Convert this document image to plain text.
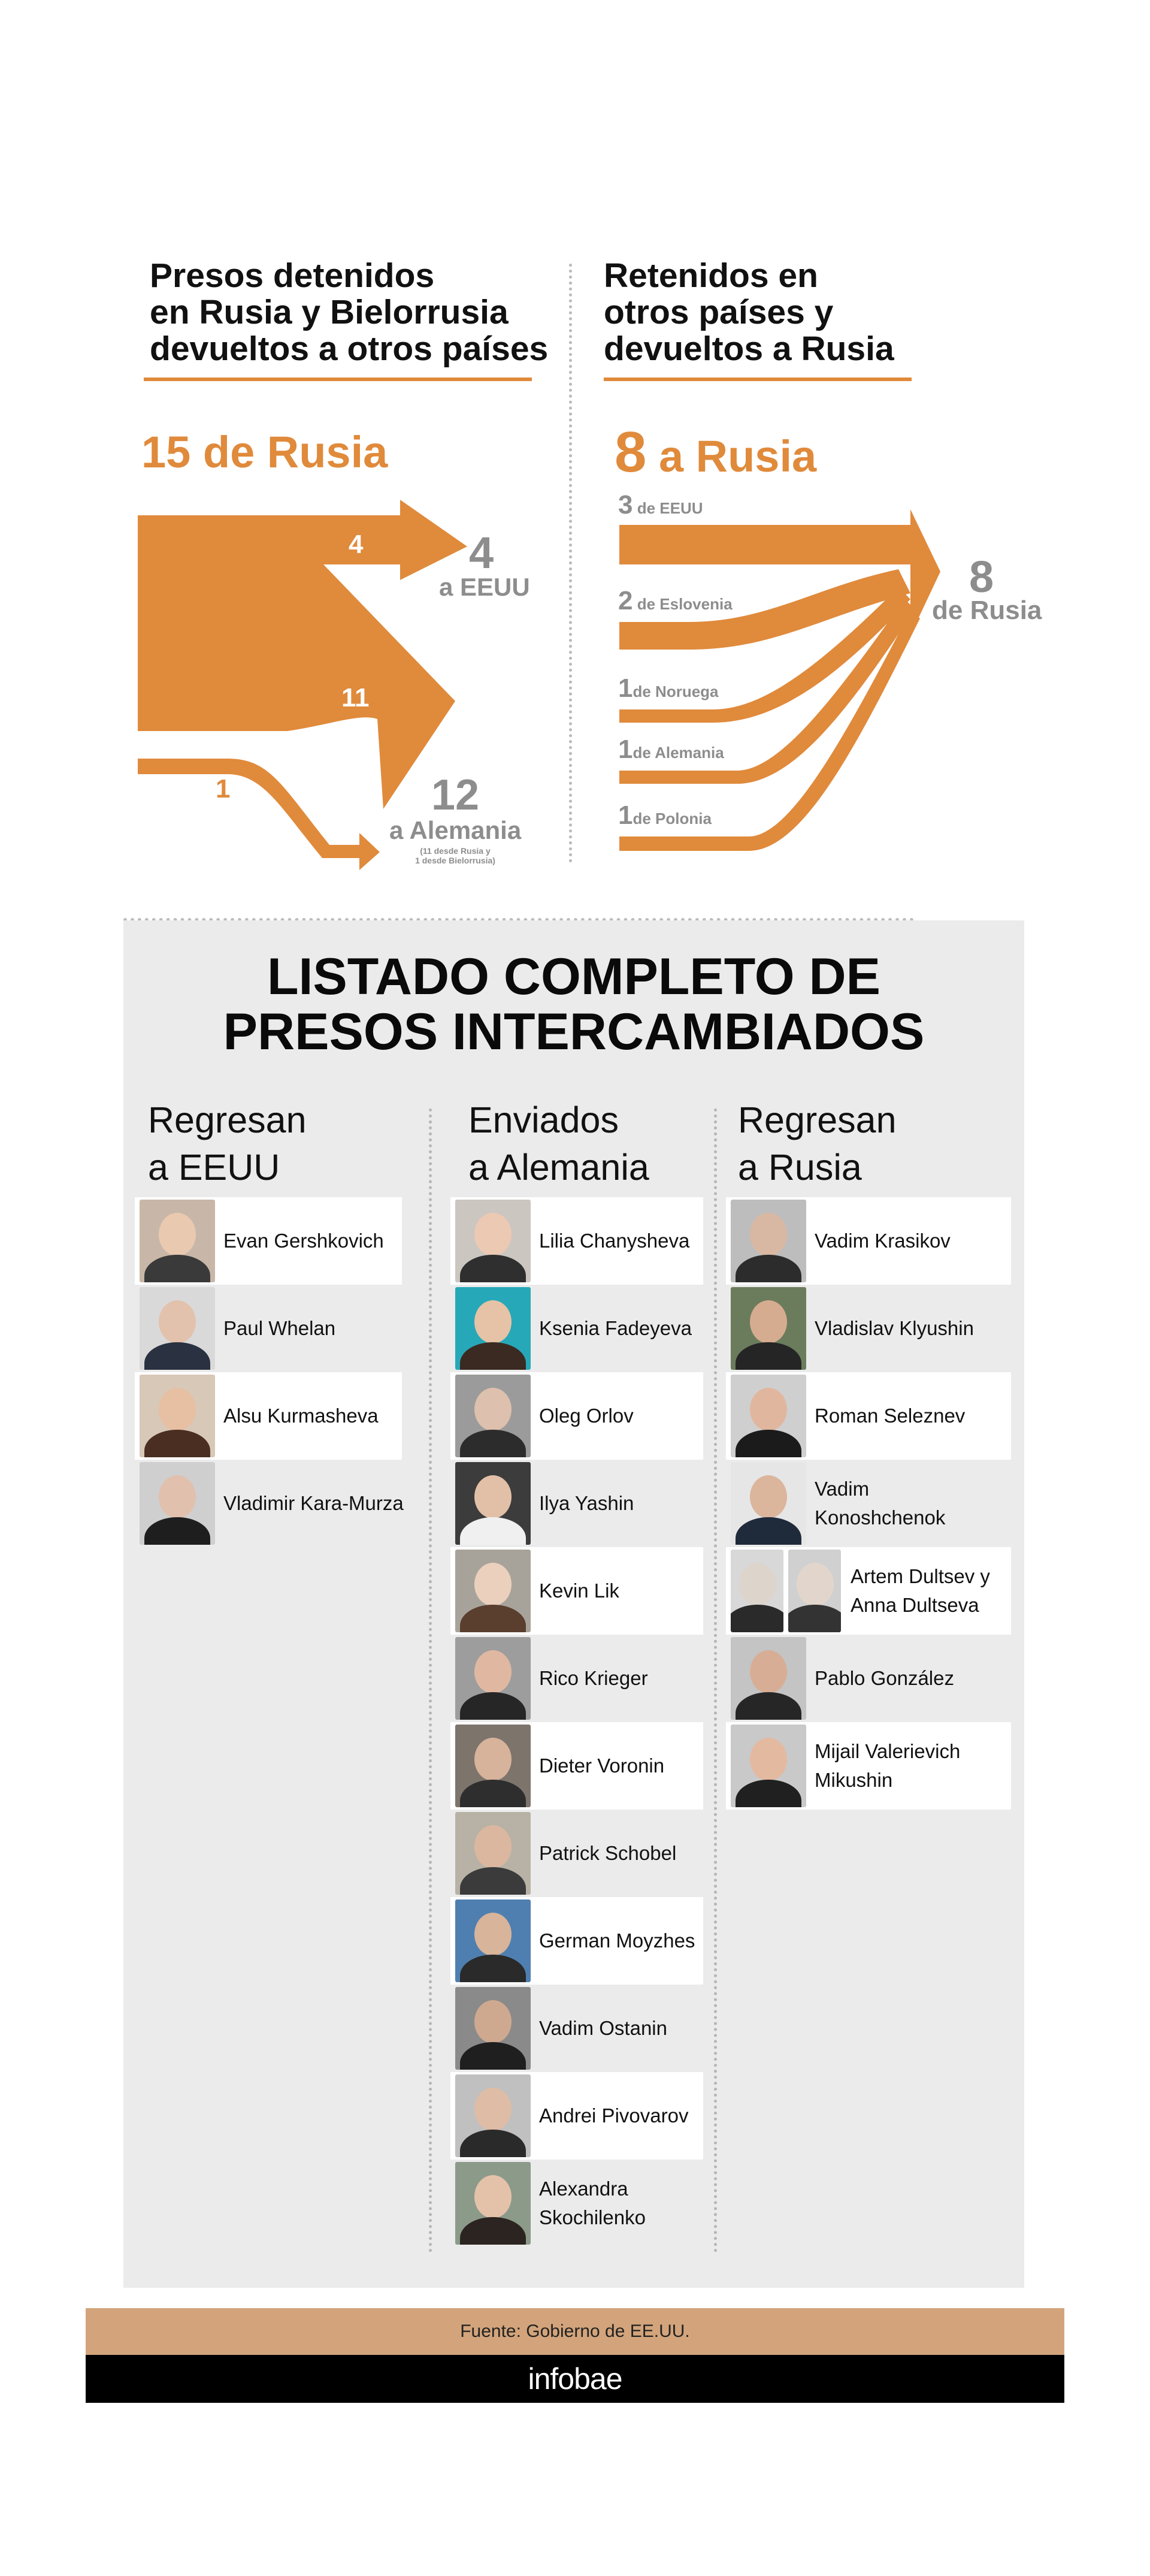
Presos detenidos
en Rusia y Bielorrusia
devueltos a otros países
15 de Rusia
4
11
1
4
a EEUU
12
a Alemania
(11 desde Rusia y
1 desde Bielorrusia)
Retenidos en
otros países y
devueltos a Rusia
8 a Rusia
3 de EEUU
2 de Eslovenia
1de Noruega
1de Alemania
1de Polonia
8
de Rusia
LISTADO COMPLETO DE
PRESOS INTERCAMBIADOS
Regresan
a EEUU
Enviados
a Alemania
Regresan
a Rusia
Evan Gershkovich
Paul Whelan
Alsu Kurmasheva
Vladimir Kara-Murza
Lilia Chanysheva
Ksenia Fadeyeva
Oleg Orlov
Ilya Yashin
Kevin Lik
Rico Krieger
Dieter Voronin
Patrick Schobel
German Moyzhes
Vadim Ostanin
Andrei Pivovarov
Alexandra Skochilenko
Vadim Krasikov
Vladislav Klyushin
Roman Seleznev
Vadim Konoshchenok
Artem Dultsev y Anna Dultseva
Pablo González
Mijail Valerievich Mikushin
Fuente: Gobierno de EE.UU.
infobae
